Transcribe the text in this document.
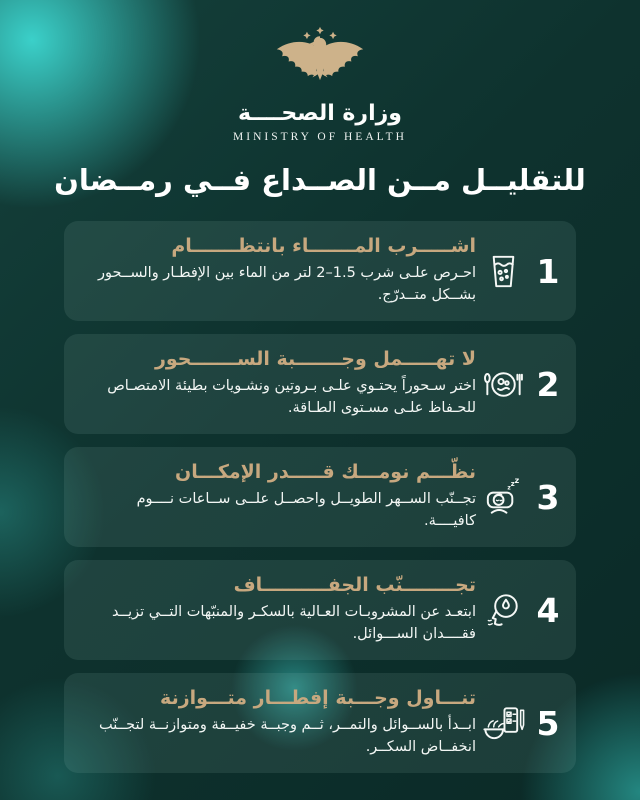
وزارة الصحــــة
MINISTRY OF HEALTH
للتقليــل مــن الصــداع فــي رمــضان
1
اشـــــرب المـــــــاء بانتظـــــــام
احـرص علـى شرب 1.5–2 لتر من الماء بين الإفطـار والســحور بشــكل متــدرّج.
2
لا تهـــــمل وجـــــــبة الســـــــحور
اختر سـحوراً يحتـوي علـى بـروتين ونشـويات بطيئة الامتصـاص للحـفاظ علـى مسـتوى الطـاقة.
3
z
z z
نظّـــم نومـــك قـــــدر الإمكـــان
تجــنّب الســهر الطويــل واحصــل علــى ســاعات نــــوم كافيــــة.
4
تجــــــــنّب الجفــــــــــاف
ابتعـد عن المشروبـات العـالية بالسكـر والمنبّهات التــي تزيــد فقــــدان الســـوائل.
5
تنـــاول وجـــبة إفطـــار متـــوازنة
ابــدأ بالســوائل والتمــر، ثــم وجبــة خفيــفة ومتوازنــة لتجــنّب انخفــاض السكــر.
